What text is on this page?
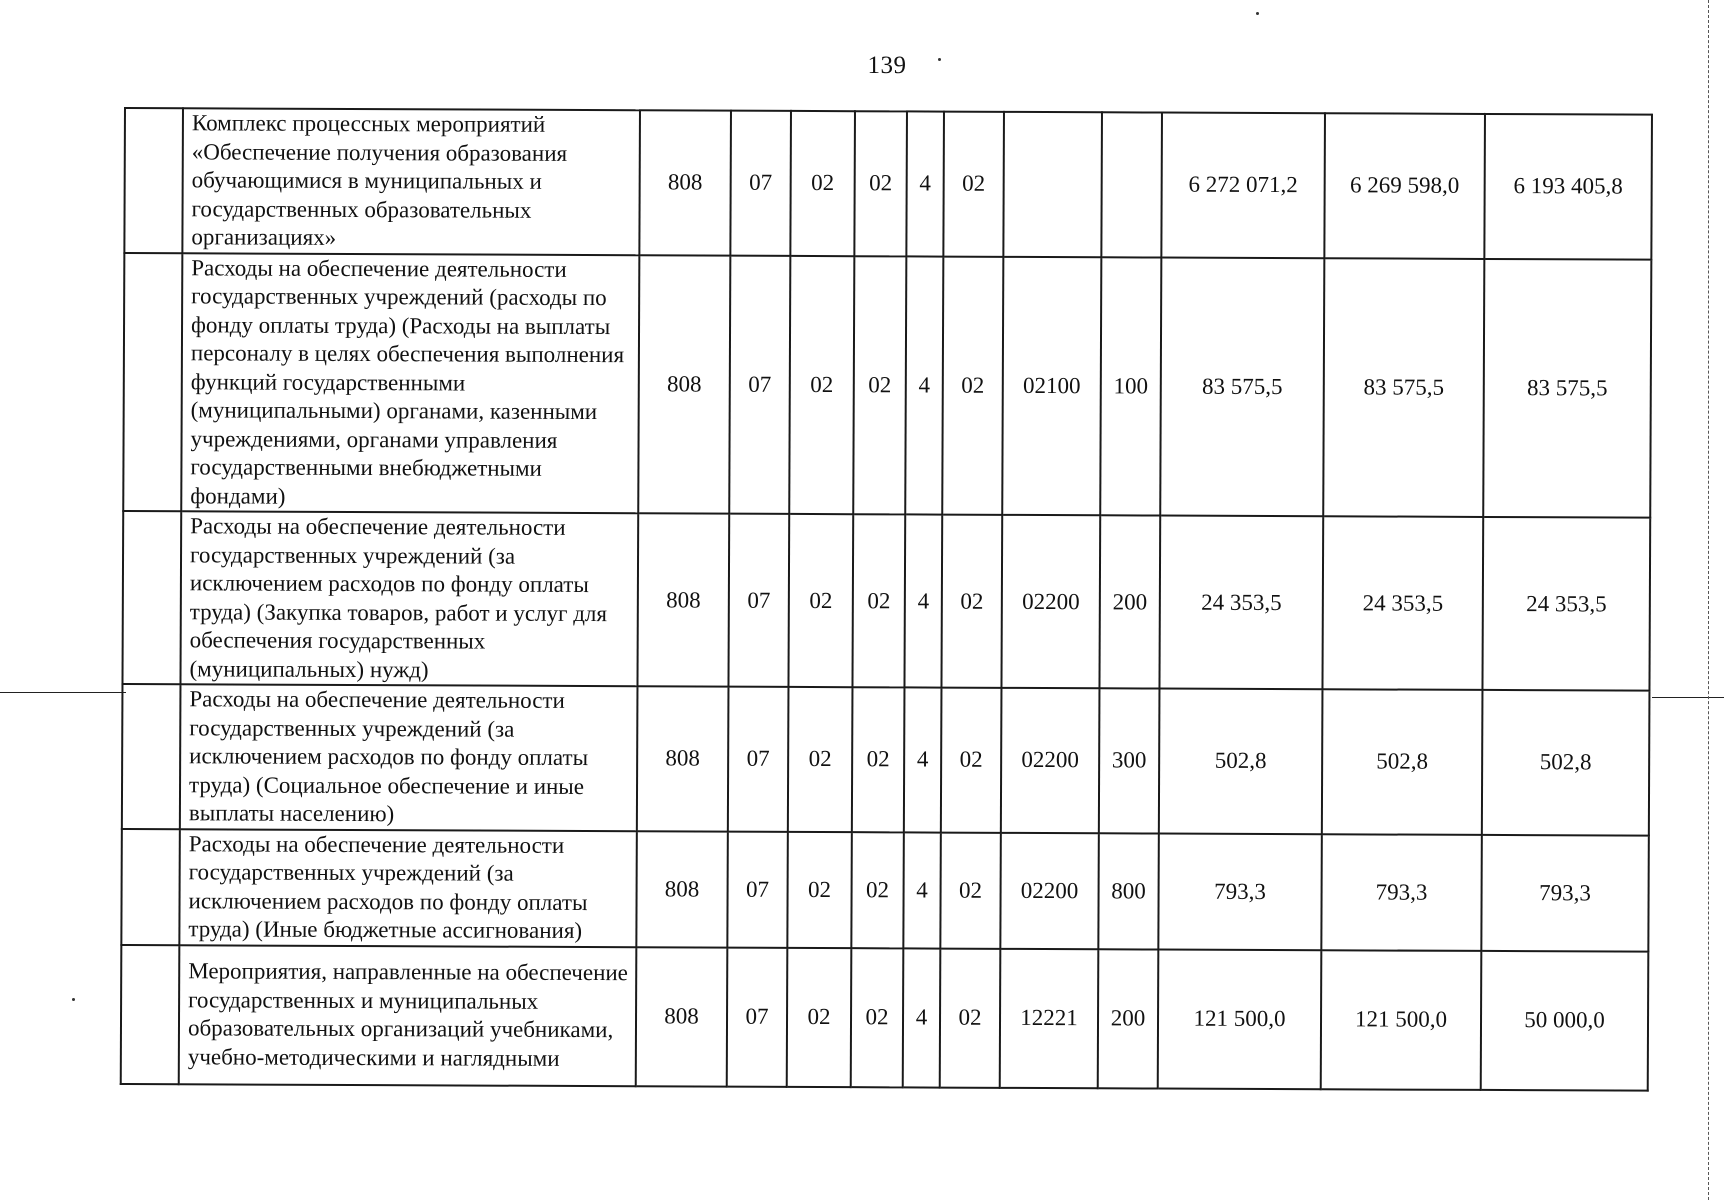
139
	Комплекс процессных мероприятий «Обеспечение получения образования обучающимися в муниципальных и государственных образовательных организациях»	808	07	02	02	4	02			6 272 071,2	6 269 598,0	6 193 405,8
	Расходы на обеспечение деятельности государственных учреждений (расходы по фонду оплаты труда) (Расходы на выплаты персоналу в целях обеспечения выполнения функций государственными (муниципальными) органами, казенными учреждениями, органами управления государственными внебюджетными фондами)	808	07	02	02	4	02	02100	100	83 575,5	83 575,5	83 575,5
	Расходы на обеспечение деятельности государственных учреждений (за исключением расходов по фонду оплаты труда) (Закупка товаров, работ и услуг для обеспечения государственных (муниципальных) нужд)	808	07	02	02	4	02	02200	200	24 353,5	24 353,5	24 353,5
	Расходы на обеспечение деятельности государственных учреждений (за исключением расходов по фонду оплаты труда) (Социальное обеспечение и иные выплаты населению)	808	07	02	02	4	02	02200	300	502,8	502,8	502,8
	Расходы на обеспечение деятельности государственных учреждений (за исключением расходов по фонду оплаты труда) (Иные бюджетные ассигнования)	808	07	02	02	4	02	02200	800	793,3	793,3	793,3
	Мероприятия, направленные на обеспечение государственных и муниципальных образовательных организаций учебниками, учебно-методическими и наглядными	808	07	02	02	4	02	12221	200	121 500,0	121 500,0	50 000,0
